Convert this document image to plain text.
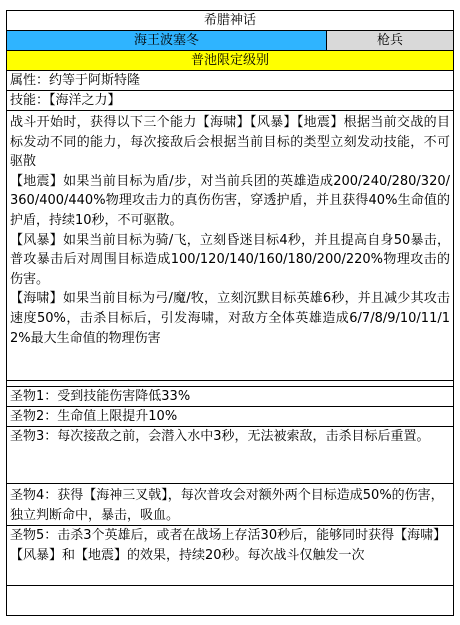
希腊神话
海王波塞冬	枪兵
普池限定级别
属性：约等于阿斯特隆
技能：【海洋之力】

战斗开始时，获得以下三个能力【海啸】【风暴】【地震】根据当前交战的目标发动不同的能力，每次接敌后会根据当前目标的类型立刻发动技能，不可驱散

【地震】如果当前目标为盾/步，对当前兵团的英雄造成200/240/280/320/360/400/440%物理攻击力的真伤伤害，穿透护盾，并且获得40%生命值的护盾，持续10秒，不可驱散。

【风暴】如果当前目标为骑/飞，立刻昏迷目标4秒，并且提高自身50暴击，普攻暴击后对周围目标造成100/120/140/160/180/200/220%物理攻击的伤害。

【海啸】如果当前目标为弓/魔/牧，立刻沉默目标英雄6秒，并且减少其攻击速度50%，击杀目标后，引发海啸，对敌方全体英雄造成6/7/8/9/10/11/12%最大生命值的物理伤害

圣物1：受到技能伤害降低33%
圣物2：生命值上限提升10%
圣物3：每次接敌之前，会潜入水中3秒，无法被索敌，击杀目标后重置。
圣物4：获得【海神三叉戟】，每次普攻会对额外两个目标造成50%的伤害，独立判断命中，暴击，吸血。
圣物5：击杀3个英雄后，或者在战场上存活30秒后，能够同时获得【海啸】【风暴】和【地震】的效果，持续20秒。每次战斗仅触发一次
